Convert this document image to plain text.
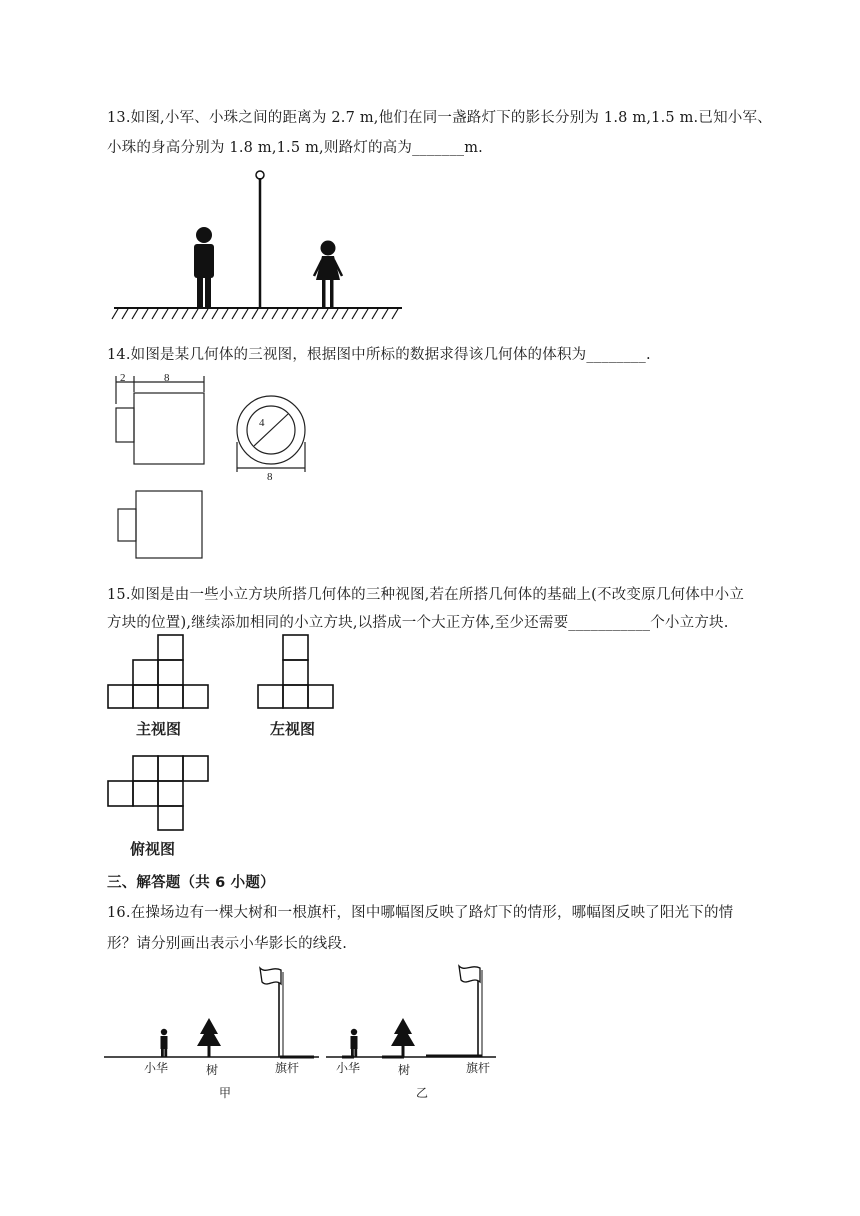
13.如图,小军、小珠之间的距离为 2.7 m,他们在同一盏路灯下的影长分别为 1.8 m,1.5 m.已知小军、
小珠的身高分别为 1.8 m,1.5 m,则路灯的高为_______m.
14.如图是某几何体的三视图，根据图中所标的数据求得该几何体的体积为________.
2	8
4
8
15.如图是由一些小立方块所搭几何体的三种视图,若在所搭几何体的基础上(不改变原几何体中小立
方块的位置),继续添加相同的小立方块,以搭成一个大正方体,至少还需要___________个小立方块.
主视图	左视图
俯视图
三、解答题（共 6 小题）
16.在操场边有一棵大树和一根旗杆，图中哪幅图反映了路灯下的情形，哪幅图反映了阳光下的情
形？请分别画出表示小华影长的线段.
小华	树	旗杆	小华	树	旗杆
甲	乙
